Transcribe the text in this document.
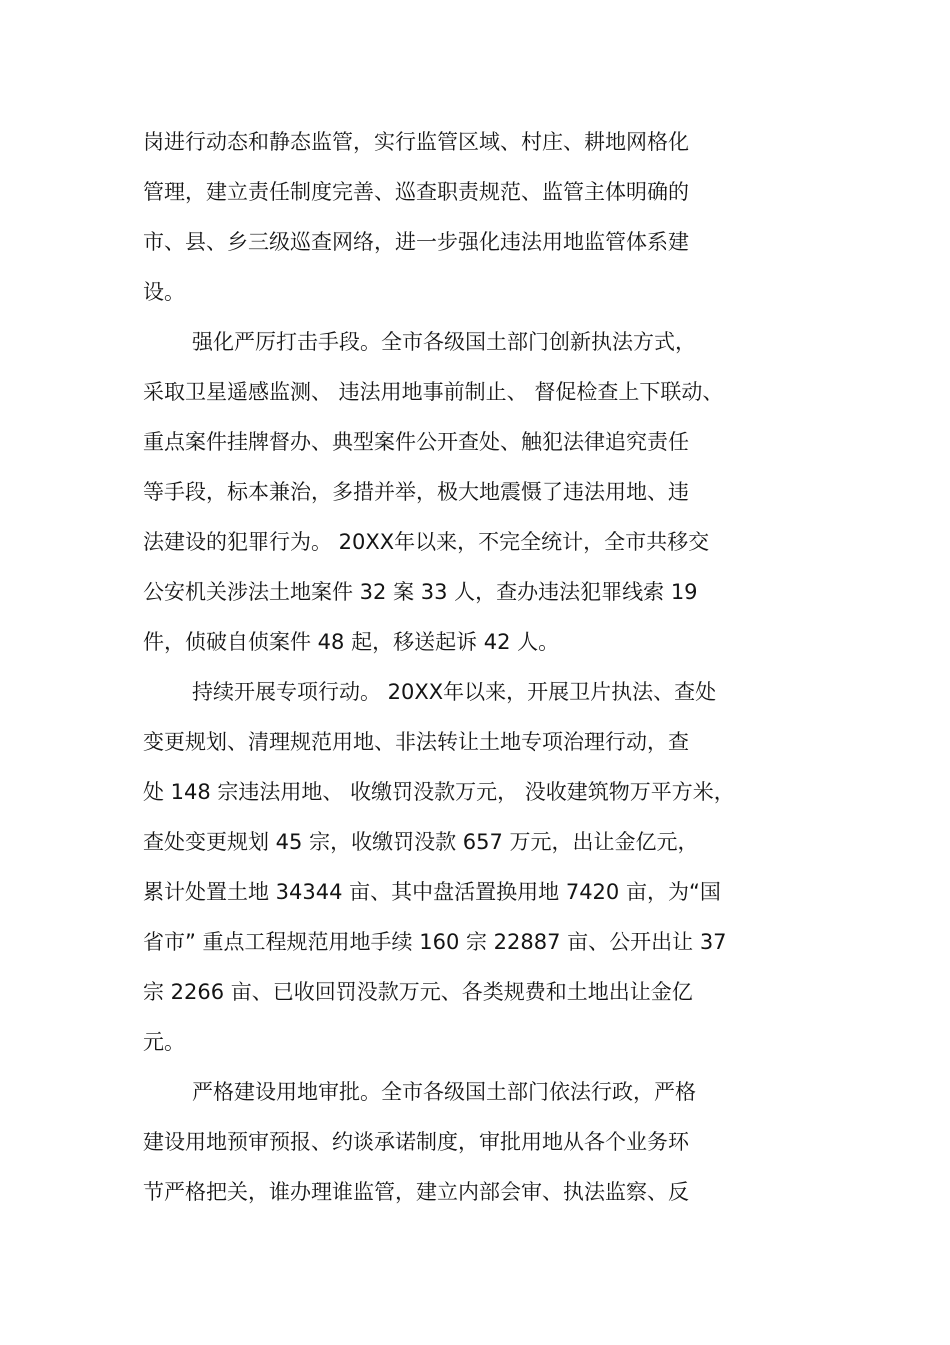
岗进行动态和静态监管，实行监管区域、村庄、耕地网格化

管理，建立责任制度完善、巡查职责规范、监管主体明确的

市、县、乡三级巡查网络，进一步强化违法用地监管体系建

设。

强化严厉打击手段。全市各级国土部门创新执法方式，

采取卫星遥感监测、 违法用地事前制止、 督促检查上下联动、

重点案件挂牌督办、典型案件公开查处、触犯法律追究责任

等手段，标本兼治，多措并举，极大地震慑了违法用地、违

法建设的犯罪行为。 20XX年以来，不完全统计，全市共移交

公安机关涉法土地案件 32 案 33 人，查办违法犯罪线索 19

件，侦破自侦案件 48 起，移送起诉 42 人。

持续开展专项行动。 20XX年以来，开展卫片执法、查处

变更规划、清理规范用地、非法转让土地专项治理行动，查

处 148 宗违法用地、 收缴罚没款万元， 没收建筑物万平方米，

查处变更规划 45 宗，收缴罚没款 657 万元，出让金亿元，

累计处置土地 34344 亩、其中盘活置换用地 7420 亩，为“国

省市” 重点工程规范用地手续 160 宗 22887 亩、公开出让 37

宗 2266 亩、已收回罚没款万元、各类规费和土地出让金亿

元。

严格建设用地审批。全市各级国土部门依法行政，严格

建设用地预审预报、约谈承诺制度，审批用地从各个业务环

节严格把关，谁办理谁监管，建立内部会审、执法监察、反
